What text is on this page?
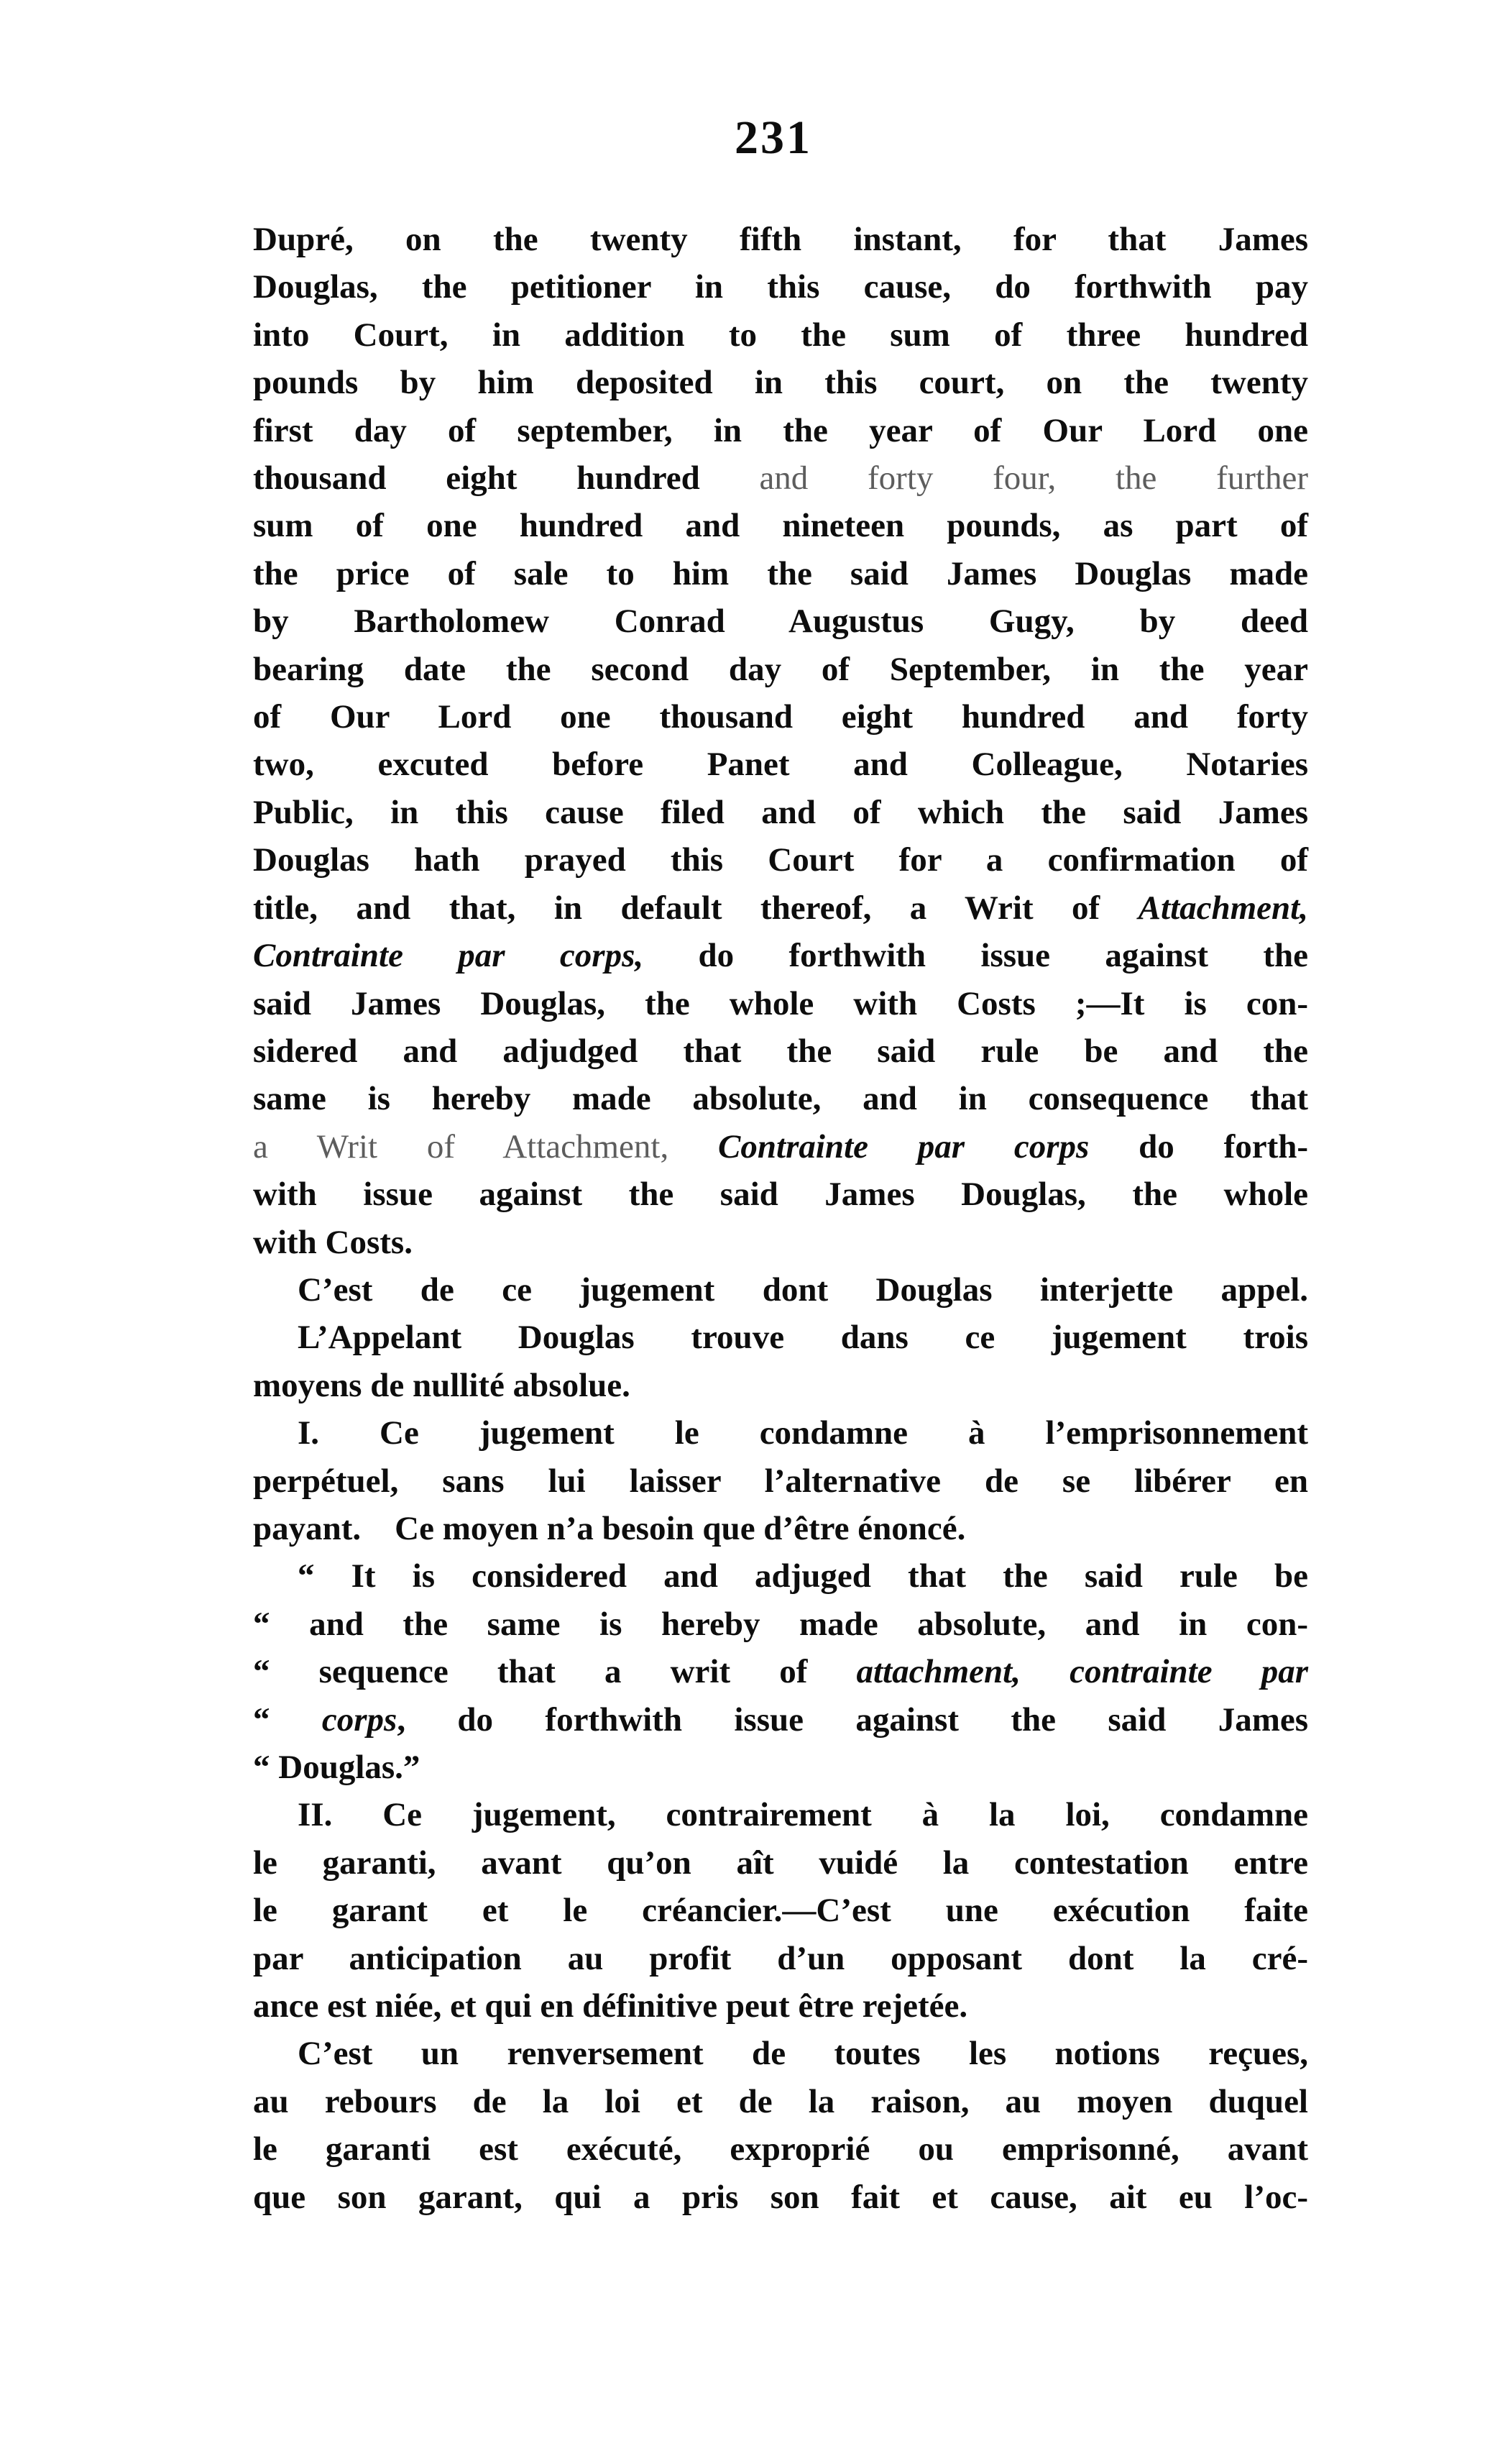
231
Dupré, on the twenty fifth instant, for that James
Douglas, the petitioner in this cause, do forthwith pay
into Court, in addition to the sum of three hundred
pounds by him deposited in this court, on the twenty
first day of september, in the year of Our Lord one
thousand eight hundred and forty four, the further
sum of one hundred and nineteen pounds, as part of
the price of sale to him the said James Douglas made
by Bartholomew Conrad Augustus Gugy, by deed
bearing date the second day of September, in the year
of Our Lord one thousand eight hundred and forty
two, excuted before Panet and Colleague, Notaries
Public, in this cause filed and of which the said James
Douglas hath prayed this Court for a confirmation of
title, and that, in default thereof, a Writ of Attachment,
Contrainte par corps, do forthwith issue against the
said James Douglas, the whole with Costs ;—It is con-
sidered and adjudged that the said rule be and the
same is hereby made absolute, and in consequence that
a Writ of Attachment, Contrainte par corps do forth-
with issue against the said James Douglas, the whole
with Costs.
C’est de ce jugement dont Douglas interjette appel.
L’Appelant Douglas trouve dans ce jugement trois
moyens de nullité absolue.
I. Ce jugement le condamne à l’emprisonnement
perpétuel, sans lui laisser l’alternative de se libérer en
payant. Ce moyen n’a besoin que d’être énoncé.
“ It is considered and adjuged that the said rule be
“ and the same is hereby made absolute, and in con-
“ sequence that a writ of attachment, contrainte par
“ corps, do forthwith issue against the said James
“ Douglas.”
II. Ce jugement, contrairement à la loi, condamne
le garanti, avant qu’on aît vuidé la contestation entre
le garant et le créancier.—C’est une exécution faite
par anticipation au profit d’un opposant dont la cré-
ance est niée, et qui en définitive peut être rejetée.
C’est un renversement de toutes les notions reçues,
au rebours de la loi et de la raison, au moyen duquel
le garanti est exécuté, exproprié ou emprisonné, avant
que son garant, qui a pris son fait et cause, ait eu l’oc-
